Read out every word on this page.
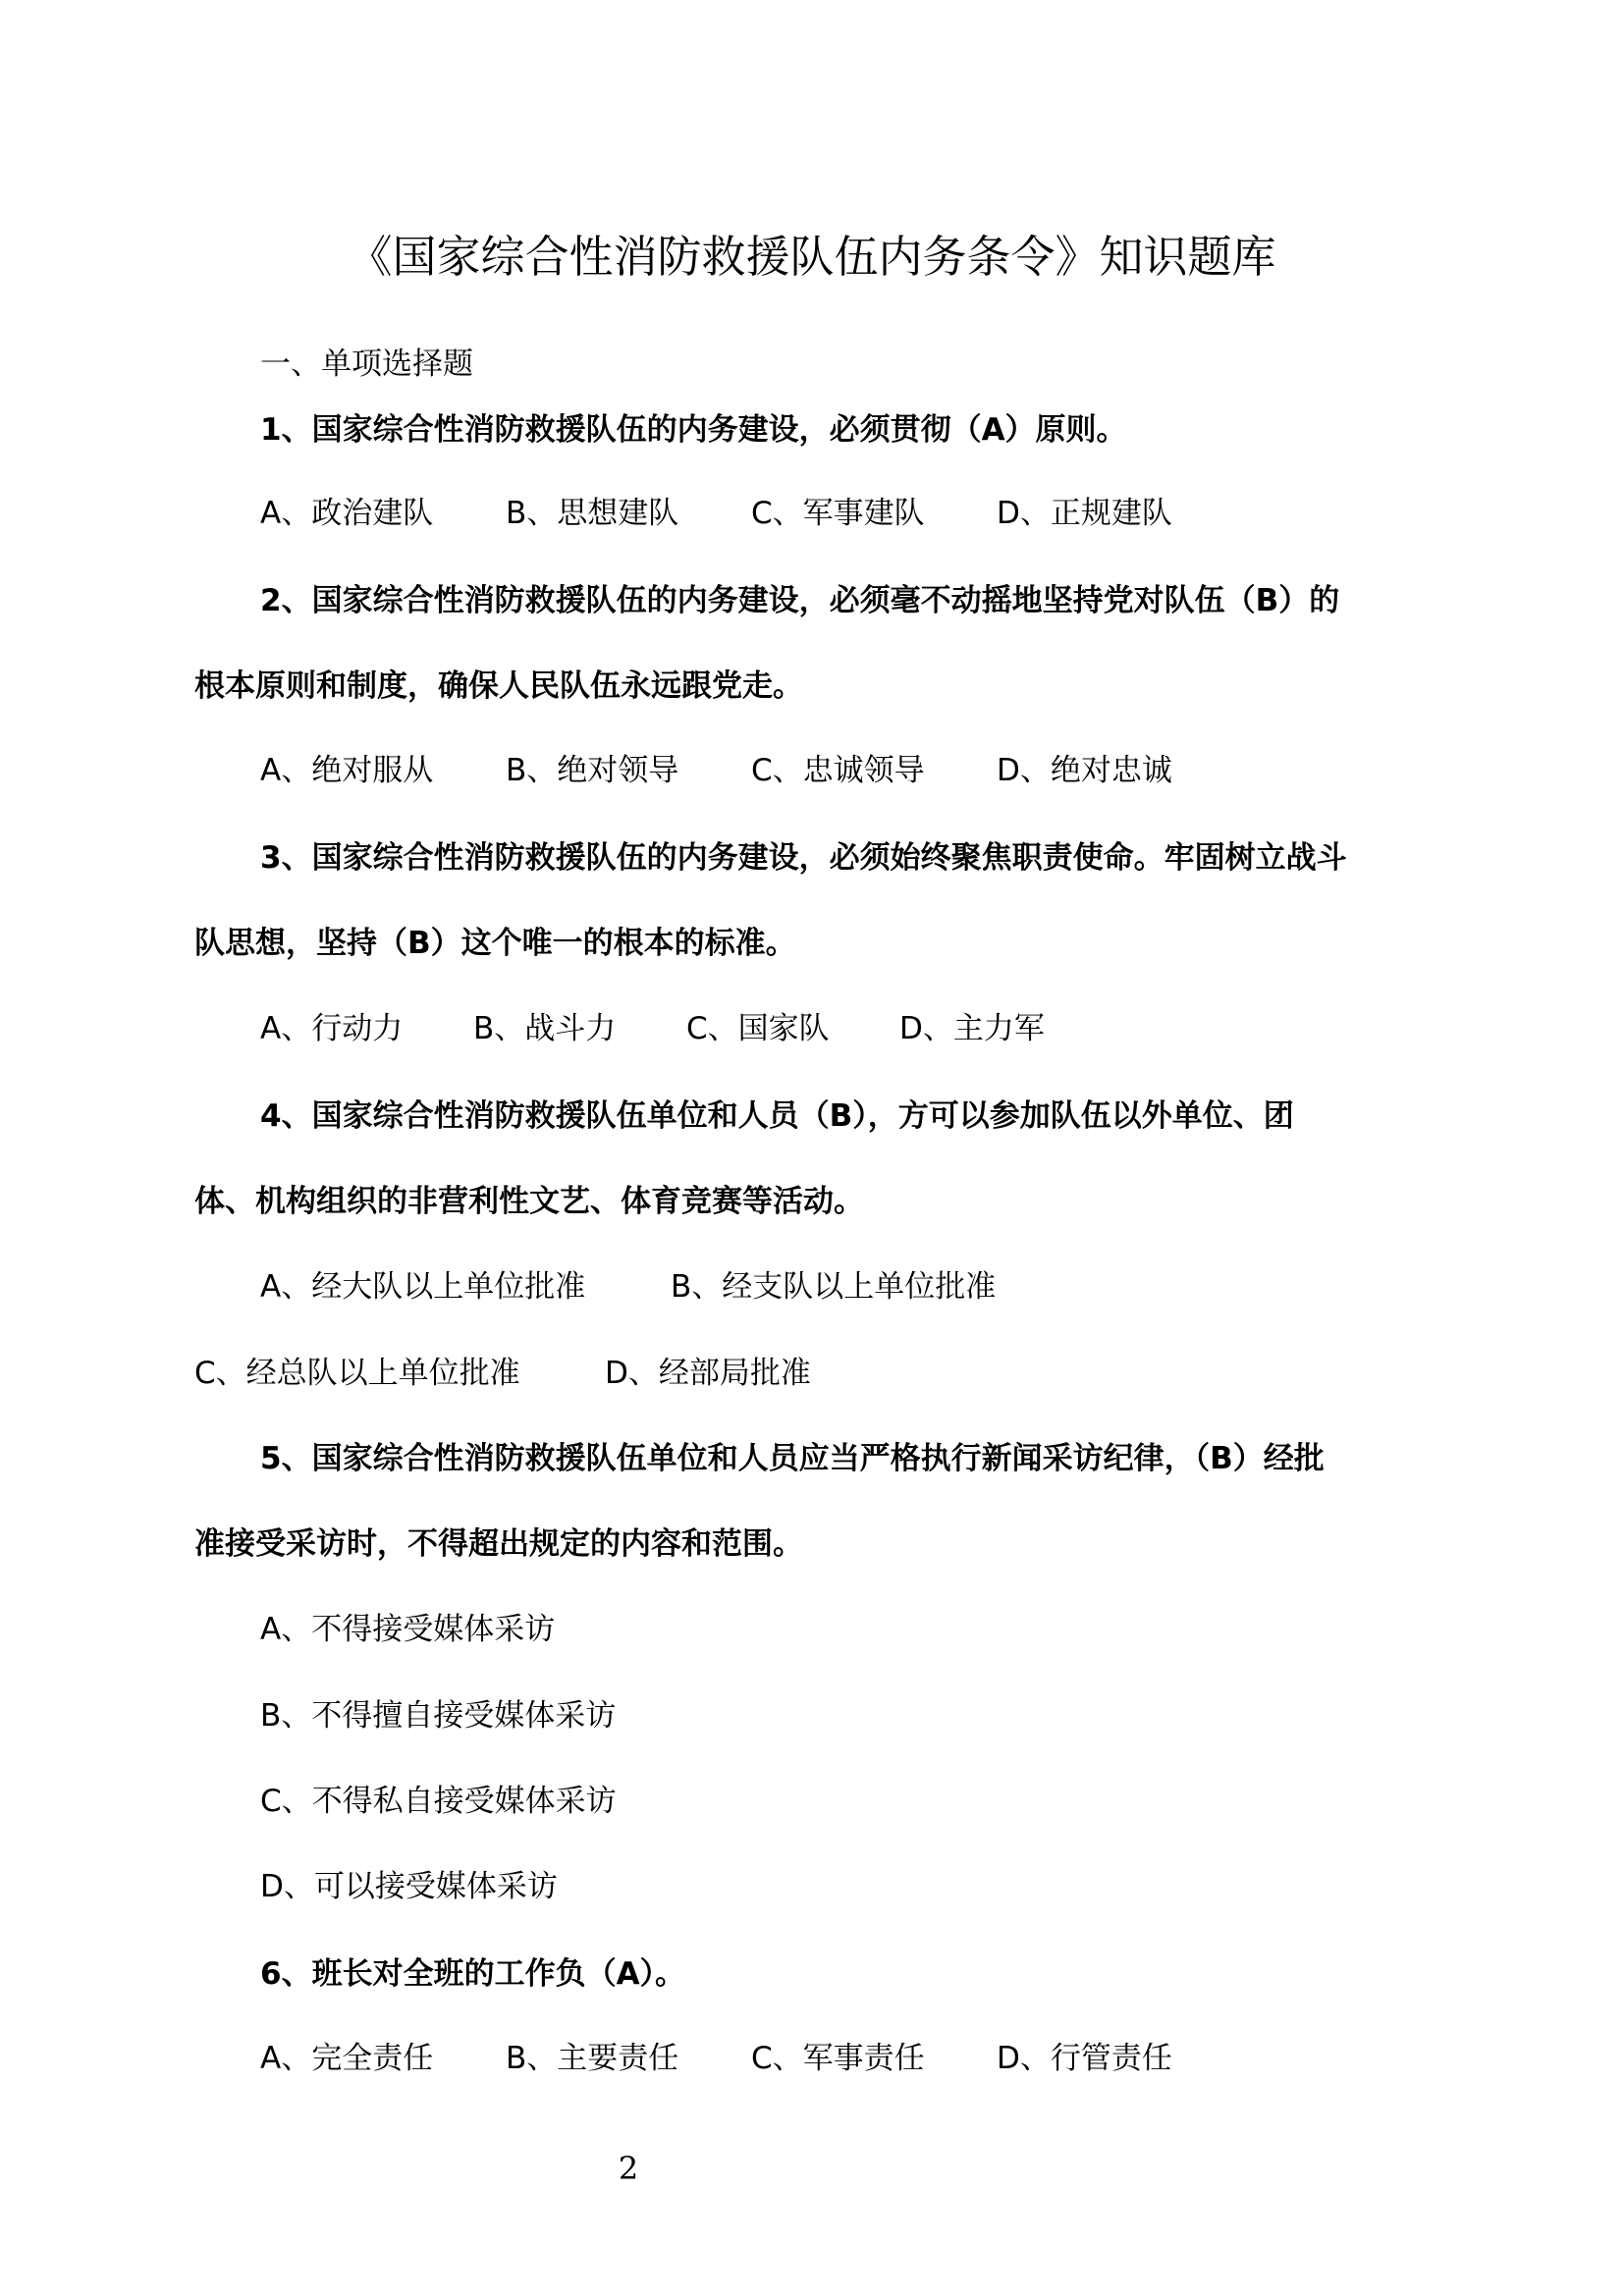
《国家综合性消防救援队伍内务条令》知识题库
一、单项选择题
1、国家综合性消防救援队伍的内务建设，必须贯彻（A）原则。
A、政治建队 B、思想建队 C、军事建队 D、正规建队
2、国家综合性消防救援队伍的内务建设，必须毫不动摇地坚持党对队伍（B）的
根本原则和制度，确保人民队伍永远跟党走。
A、绝对服从 B、绝对领导 C、忠诚领导 D、绝对忠诚
3、国家综合性消防救援队伍的内务建设，必须始终聚焦职责使命。牢固树立战斗
队思想，坚持（B）这个唯一的根本的标准。
A、行动力 B、战斗力 C、国家队 D、主力军
4、国家综合性消防救援队伍单位和人员（B），方可以参加队伍以外单位、团
体、机构组织的非营利性文艺、体育竞赛等活动。
A、经大队以上单位批准	B、经支队以上单位批准
C、经总队以上单位批准	D、经部局批准
5、国家综合性消防救援队伍单位和人员应当严格执行新闻采访纪律，（B）经批
准接受采访时，不得超出规定的内容和范围。
A、不得接受媒体采访
B、不得擅自接受媒体采访
C、不得私自接受媒体采访
D、可以接受媒体采访
6、班长对全班的工作负（A）。
A、完全责任 B、主要责任 C、军事责任 D、行管责任
2
